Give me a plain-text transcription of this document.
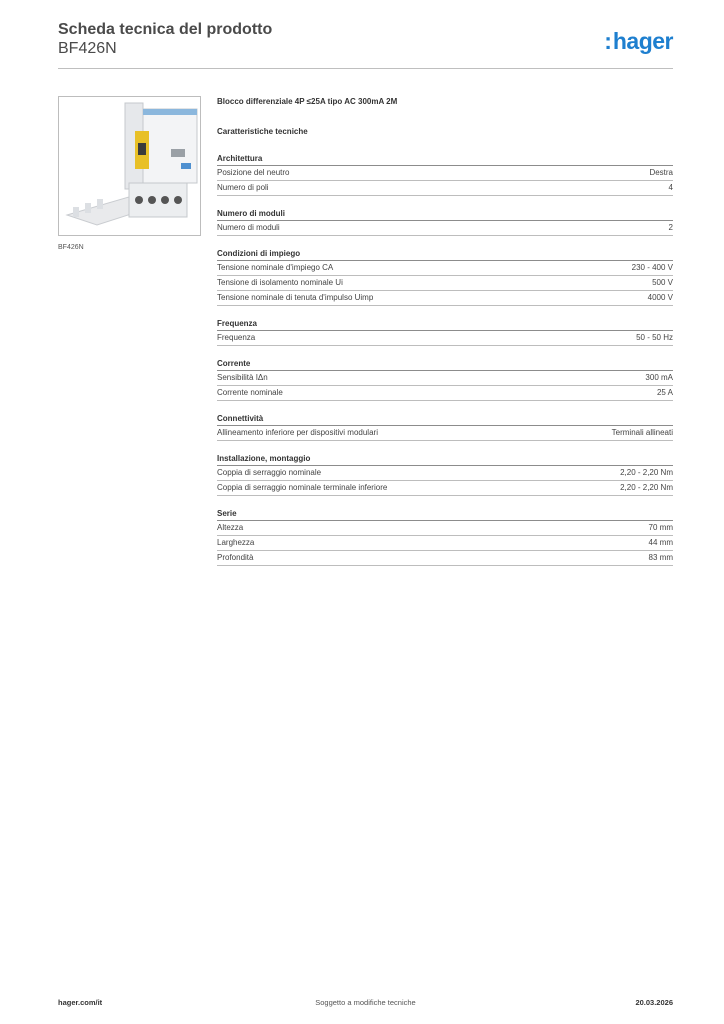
Scheda tecnica del prodotto
BF426N	:hager
BF426N
Blocco differenziale 4P ≤25A tipo AC 300mA 2M
Caratteristiche tecniche
Architettura
Posizione del neutro	Destra
Numero di poli	4
Numero di moduli
Numero di moduli	2
Condizioni di impiego
Tensione nominale d'impiego CA	230 - 400 V
Tensione di isolamento nominale Ui	500 V
Tensione nominale di tenuta d'impulso Uimp	4000 V
Frequenza
Frequenza	50 - 50 Hz
Corrente
Sensibilità IΔn	300 mA
Corrente nominale	25 A
Connettività
Allineamento inferiore per dispositivi modulari	Terminali allineati
Installazione, montaggio
Coppia di serraggio nominale	2,20 - 2,20 Nm
Coppia di serraggio nominale terminale inferiore	2,20 - 2,20 Nm
Serie
Altezza	70 mm
Larghezza	44 mm
Profondità	83 mm
Soggetto a modifiche tecniche
hager.com/it	20.03.2026
